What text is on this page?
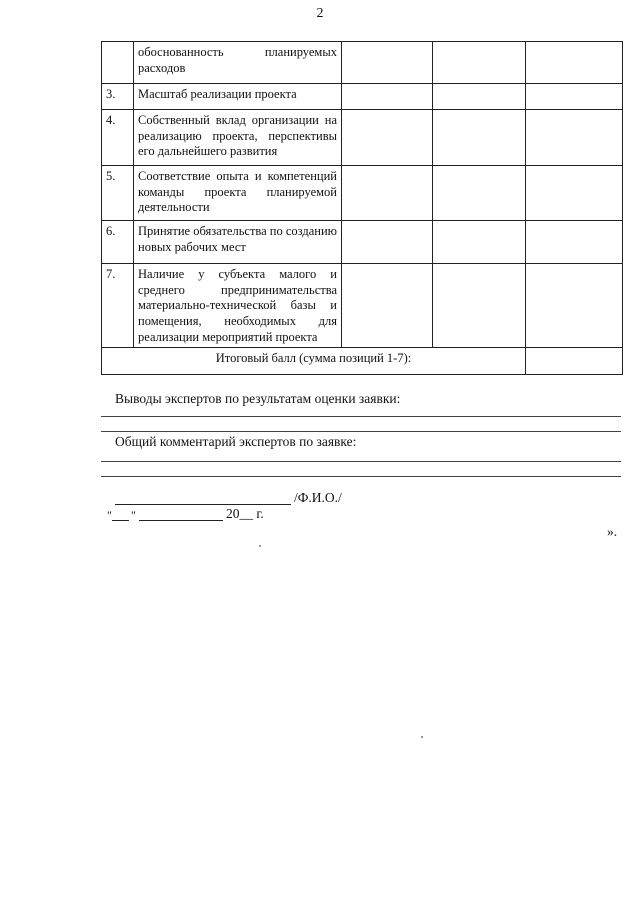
2
	обоснованность планируемых расходов			
3.	Масштаб реализации проекта			
4.	Собственный вклад организации на реализацию проекта, перспективы его дальнейшего развития			
5.	Соответствие опыта и компетенций команды проекта планируемой деятельности			
6.	Принятие обязательства по созданию новых рабочих мест			
7.	Наличие у субъекта малого и среднего предпринимательства материально-технической базы и помещения, необходимых для реализации мероприятий проекта			
Итоговый балл (сумма позиций 1-7):				
Выводы экспертов по результатам оценки заявки:
Общий комментарий экспертов по заявке:
/Ф.И.О./
" "	20__ г.
».
